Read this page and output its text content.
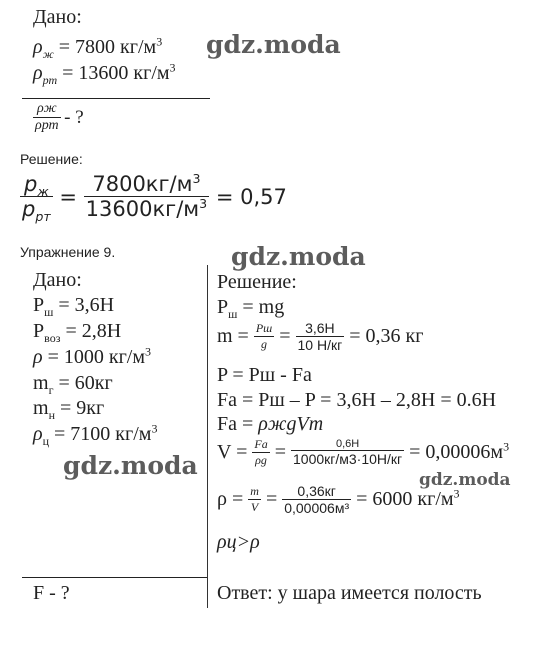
Дано:
$\rho_ж = 7800$ $кг/м^3$
$\rho_{рт} = 13600$ $кг/м^3$
$\frac{\rho ж}{\text{ρрт}}$ - ?
Решение:
$\frac{p_ж}{p_{рт}} = \frac{7800кг/м^3}{13600кг/м^3} = 0,57$
Упражнение 9.
Дано:
$P_ш = 3,6Н$
$P_{воз} = 2,8Н$
ρ = 1000 $кг/м^3$
$m_г = 60кг$
$m_н = 9кг$
$\rho_ц = 7100$ $кг/м^3$
F - ?
Решение:
$P_ш$ = mg
$m = \frac{Pш}{g} = \frac{3,6Н}{10 Н/кг} = 0,36$ кг
P = Pш - Fа
Fа = Pш – P = 3,6Н – 2,8Н = 0.6Н
Fа = ρжgVт
$V = \frac{Fа}{\rho g} = \frac{0,6Н}{1000кг/м3\cdot 10Н/кг} = 0,00006м^3$
$\rho = \frac{m}{V} = \frac{0,36кг}{\text{0,00006м³}} = 6000$ $кг/м^3$
ρц>ρ
Ответ: у шара имеется полость
gdz.moda
gdz.moda
gdz.moda	gdz.moda
